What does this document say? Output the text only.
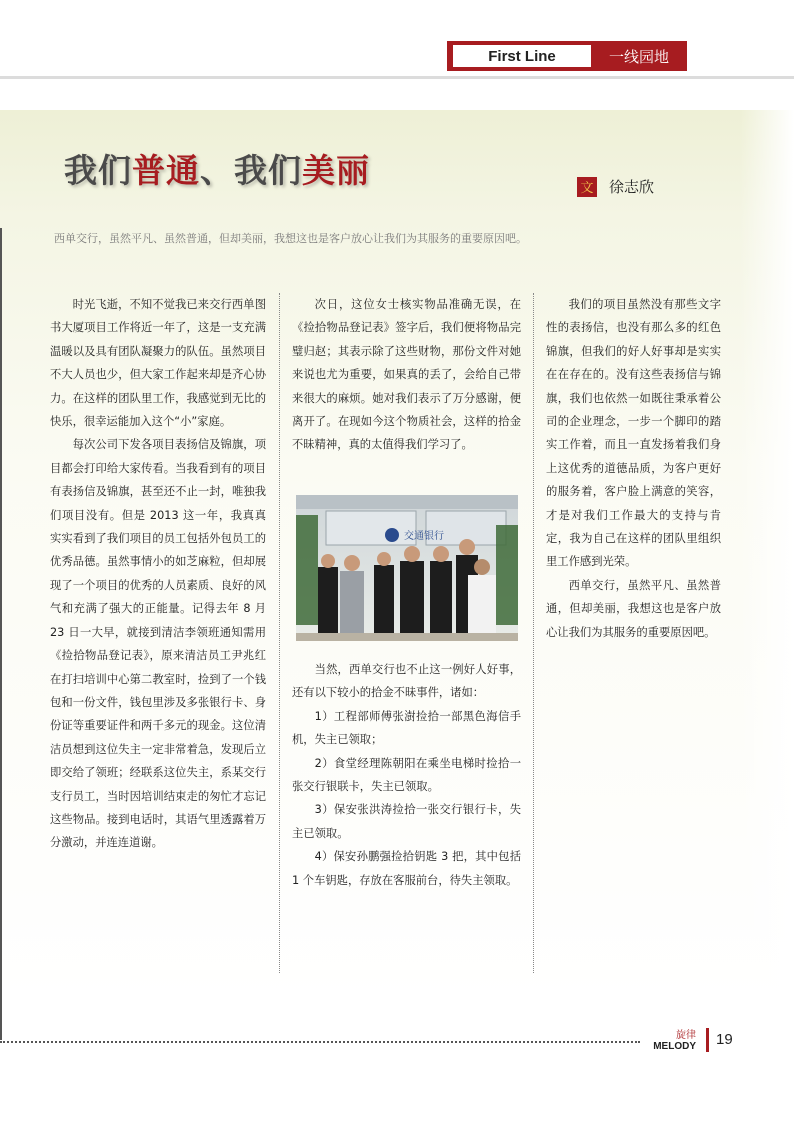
First Line	一线园地
我们普通、我们美丽	文 徐志欣
西单交行，虽然平凡、虽然普通，但却美丽，我想这也是客户放心让我们为其服务的重要原因吧。

时光飞逝，不知不觉我已来交行西单图书大厦项目工作将近一年了，这是一支充满温暖以及具有团队凝聚力的队伍。虽然项目不大人员也少，但大家工作起来却是齐心协力。在这样的团队里工作，我感觉到无比的快乐，很幸运能加入这个“小”家庭。

每次公司下发各项目表扬信及锦旗，项目都会打印给大家传看。当我看到有的项目有表扬信及锦旗，甚至还不止一封，唯独我们项目没有。但是 2013 这一年，我真真实实看到了我们项目的员工包括外包员工的优秀品德。虽然事情小的如芝麻粒，但却展现了一个项目的优秀的人员素质、良好的风气和充满了强大的正能量。记得去年 8 月 23 日一大早，就接到清洁李领班通知需用《捡拾物品登记表》，原来清洁员工尹兆红在打扫培训中心第二教室时，捡到了一个钱包和一份文件，钱包里涉及多张银行卡、身份证等重要证件和两千多元的现金。这位清洁员想到这位失主一定非常着急，发现后立即交给了领班；经联系这位失主，系某交行支行员工，当时因培训结束走的匆忙才忘记这些物品。接到电话时，其语气里透露着万分激动，并连连道谢。

次日，这位女士核实物品准确无误，在《捡拾物品登记表》签字后，我们便将物品完璧归赵；其表示除了这些财物，那份文件对她来说也尤为重要，如果真的丢了，会给自己带来很大的麻烦。她对我们表示了万分感谢，便离开了。在现如今这个物质社会，这样的拾金不昧精神，真的太值得我们学习了。

交通银行

当然，西单交行也不止这一例好人好事，还有以下较小的拾金不昧事件，诸如：

1）工程部师傅张澍捡拾一部黑色海信手机，失主已领取；

2）食堂经理陈朝阳在乘坐电梯时捡拾一张交行银联卡，失主已领取。

3）保安张洪涛捡拾一张交行银行卡，失主已领取。

4）保安孙鹏强捡拾钥匙 3 把，其中包括 1 个车钥匙，存放在客服前台，待失主领取。

我们的项目虽然没有那些文字性的表扬信，也没有那么多的红色锦旗，但我们的好人好事却是实实在在存在的。没有这些表扬信与锦旗，我们也依然一如既往秉承着公司的企业理念，一步一个脚印的踏实工作着，而且一直发扬着我们身上这优秀的道德品质，为客户更好的服务着，客户脸上满意的笑容，才是对我们工作最大的支持与肯定，我为自己在这样的团队里组织里工作感到光荣。

西单交行，虽然平凡、虽然普通，但却美丽，我想这也是客户放心让我们为其服务的重要原因吧。

旋律
MELODY 19
